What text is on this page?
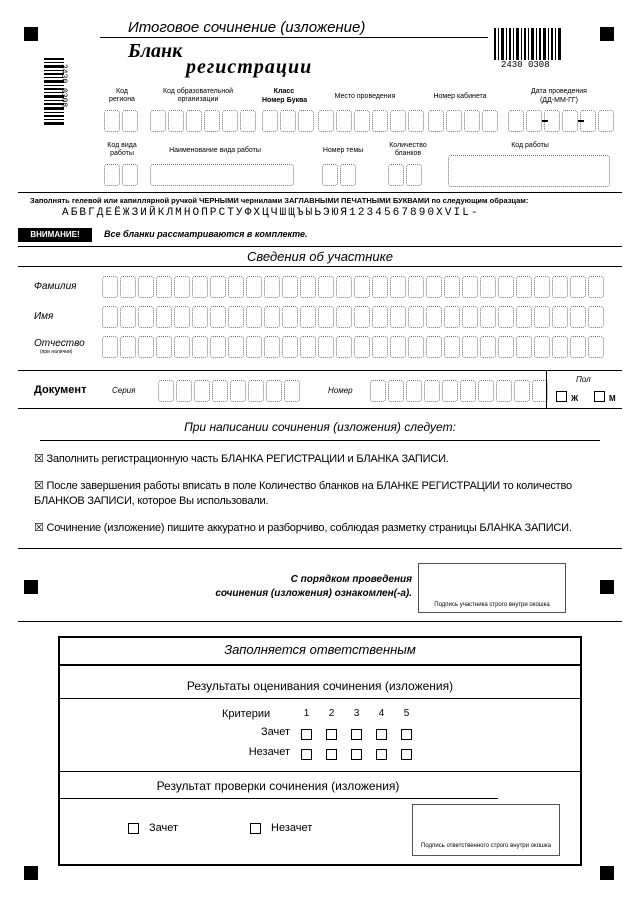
Итоговое сочинение (изложение)
Бланк
регистрации	2430 0308
2430 0308	Код региона
Код образовательной организации
Класс
Номер Буква
Место проведения	Номер кабинета
Дата проведения
(ДД-ММ-ГГ)
Код вида работы	Наименование вида работы	Номер темы
Количество бланков
Код работы
Заполнять гелевой или капиллярной ручкой ЧЕРНЫМИ чернилами ЗАГЛАВНЫМИ ПЕЧАТНЫМИ БУКВАМИ по следующим образцам:
АБВГДЕЁЖЗИЙКЛМНОПРСТУФХЦЧШЩЪЫЬЭЮЯ1234567890XVIL-
ВНИМАНИЕ!	Все бланки рассматриваются в комплекте.
Сведения об участнике
Фамилия
Имя
Отчество
(при наличии)
Документ	Серия	Номер
Пол
Ж	М
При написании сочинения (изложения) следует:

☒ Заполнить регистрационную часть БЛАНКА РЕГИСТРАЦИИ и БЛАНКА ЗАПИСИ.

☒ После завершения работы вписать в поле Количество бланков на БЛАНКЕ РЕГИСТРАЦИИ то количество БЛАНКОВ ЗАПИСИ, которое Вы использовали.

☒ Сочинение (изложение) пишите аккуратно и разборчиво, соблюдая разметку страницы БЛАНКА ЗАПИСИ.

С порядком проведения
сочинения (изложения) ознакомлен(-а).
Подпись участника строго внутри окошка
Заполняется ответственным
Результаты оценивания сочинения (изложения)
Критерии	1 2 3 4 5
Зачет
Незачет
Результат проверки сочинения (изложения)
Зачет	Незачет
Подпись ответственного строго внутри окошка
